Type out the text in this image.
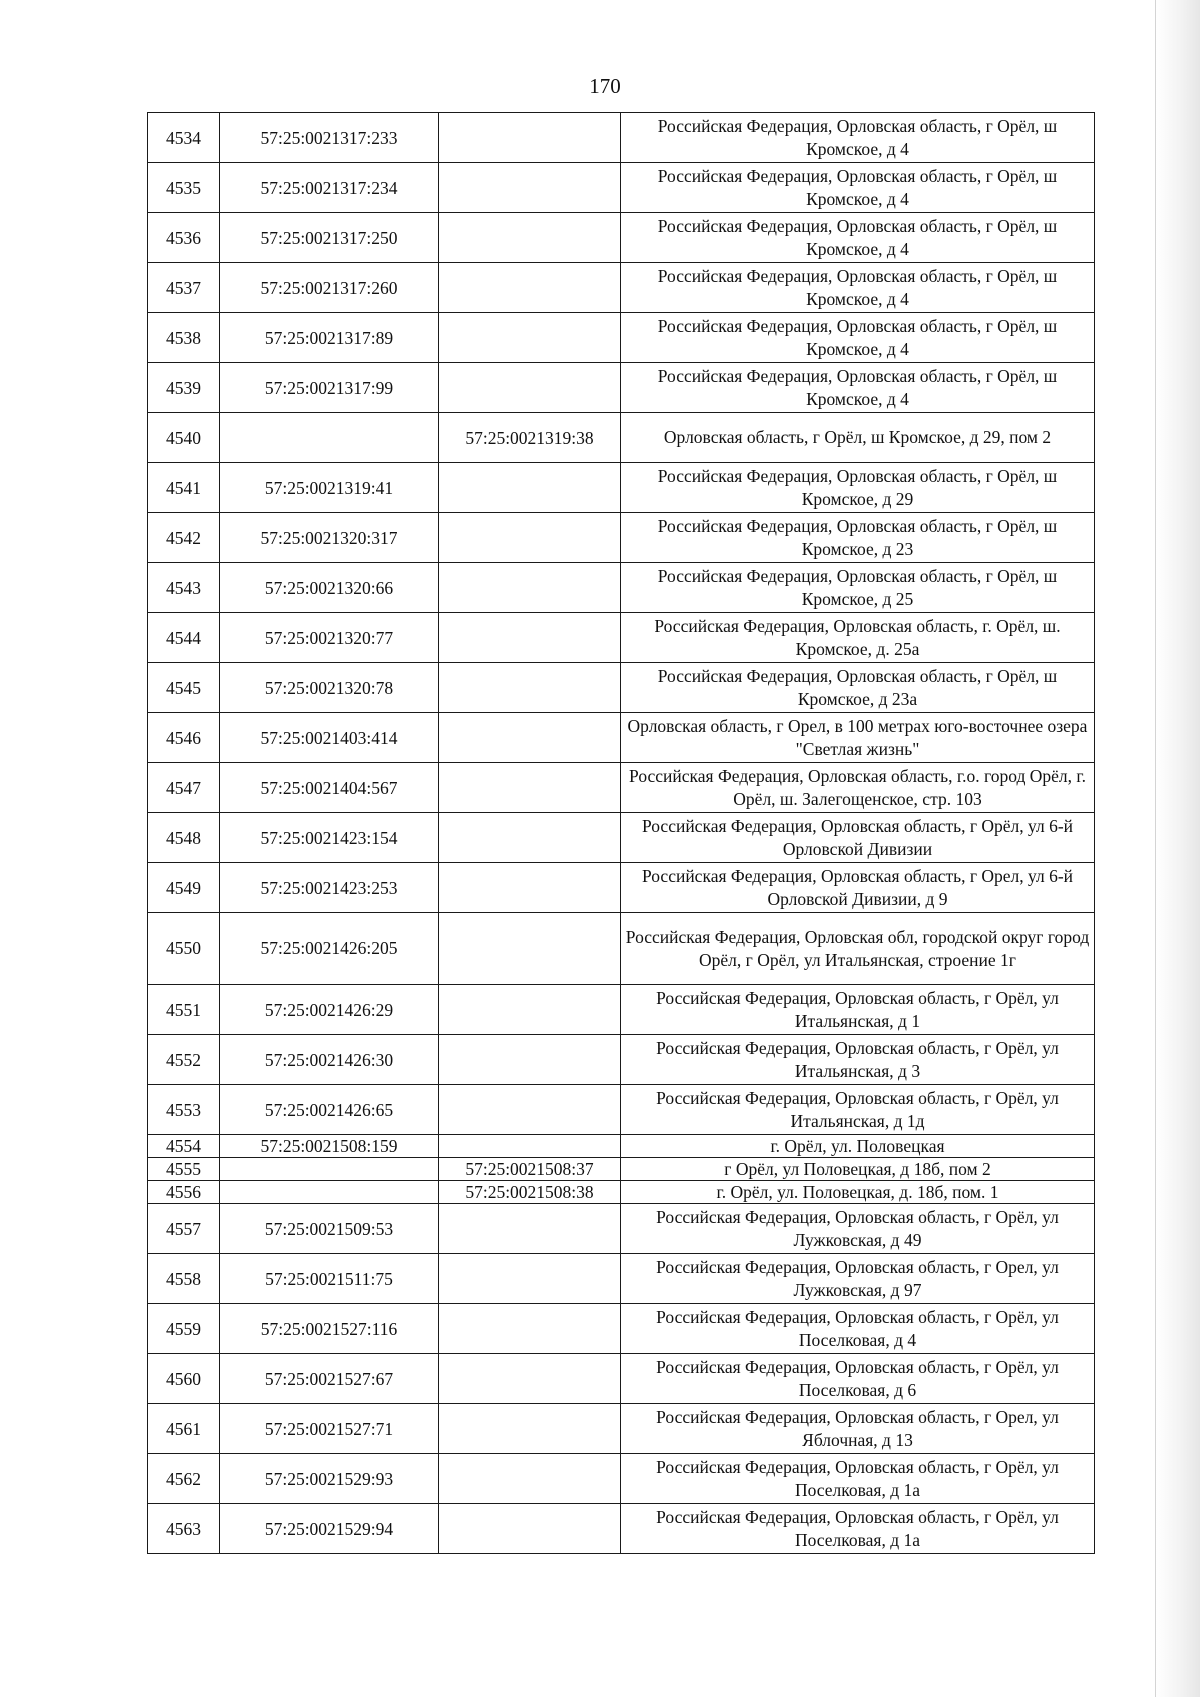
170
4534	57:25:0021317:233		Российская Федерация, Орловская область, г Орёл, ш Кромское, д 4
4535	57:25:0021317:234		Российская Федерация, Орловская область, г Орёл, ш Кромское, д 4
4536	57:25:0021317:250		Российская Федерация, Орловская область, г Орёл, ш Кромское, д 4
4537	57:25:0021317:260		Российская Федерация, Орловская область, г Орёл, ш Кромское, д 4
4538	57:25:0021317:89		Российская Федерация, Орловская область, г Орёл, ш Кромское, д 4
4539	57:25:0021317:99		Российская Федерация, Орловская область, г Орёл, ш Кромское, д 4
4540		57:25:0021319:38	Орловская область, г Орёл, ш Кромское, д 29, пом 2
4541	57:25:0021319:41		Российская Федерация, Орловская область, г Орёл, ш Кромское, д 29
4542	57:25:0021320:317		Российская Федерация, Орловская область, г Орёл, ш Кромское, д 23
4543	57:25:0021320:66		Российская Федерация, Орловская область, г Орёл, ш Кромское, д 25
4544	57:25:0021320:77		Российская Федерация, Орловская область, г. Орёл, ш. Кромское, д. 25а
4545	57:25:0021320:78		Российская Федерация, Орловская область, г Орёл, ш Кромское, д 23а
4546	57:25:0021403:414		Орловская область, г Орел, в 100 метрах юго-восточнее озера "Светлая жизнь"
4547	57:25:0021404:567		Российская Федерация, Орловская область, г.о. город Орёл, г. Орёл, ш. Залегощенское, стр. 103
4548	57:25:0021423:154		Российская Федерация, Орловская область, г Орёл, ул 6-й Орловской Дивизии
4549	57:25:0021423:253		Российская Федерация, Орловская область, г Орел, ул 6-й Орловской Дивизии, д 9
4550	57:25:0021426:205		Российская Федерация, Орловская обл, городской округ город Орёл, г Орёл, ул Итальянская, строение 1г
4551	57:25:0021426:29		Российская Федерация, Орловская область, г Орёл, ул Итальянская, д 1
4552	57:25:0021426:30		Российская Федерация, Орловская область, г Орёл, ул Итальянская, д 3
4553	57:25:0021426:65		Российская Федерация, Орловская область, г Орёл, ул Итальянская, д 1д
4554	57:25:0021508:159		г. Орёл, ул. Половецкая
4555		57:25:0021508:37	г Орёл, ул Половецкая, д 18б, пом 2
4556		57:25:0021508:38	г. Орёл, ул. Половецкая, д. 18б, пом. 1
4557	57:25:0021509:53		Российская Федерация, Орловская область, г Орёл, ул Лужковская, д 49
4558	57:25:0021511:75		Российская Федерация, Орловская область, г Орел, ул Лужковская, д 97
4559	57:25:0021527:116		Российская Федерация, Орловская область, г Орёл, ул Поселковая, д 4
4560	57:25:0021527:67		Российская Федерация, Орловская область, г Орёл, ул Поселковая, д 6
4561	57:25:0021527:71		Российская Федерация, Орловская область, г Орел, ул Яблочная, д 13
4562	57:25:0021529:93		Российская Федерация, Орловская область, г Орёл, ул Поселковая, д 1а
4563	57:25:0021529:94		Российская Федерация, Орловская область, г Орёл, ул Поселковая, д 1а
